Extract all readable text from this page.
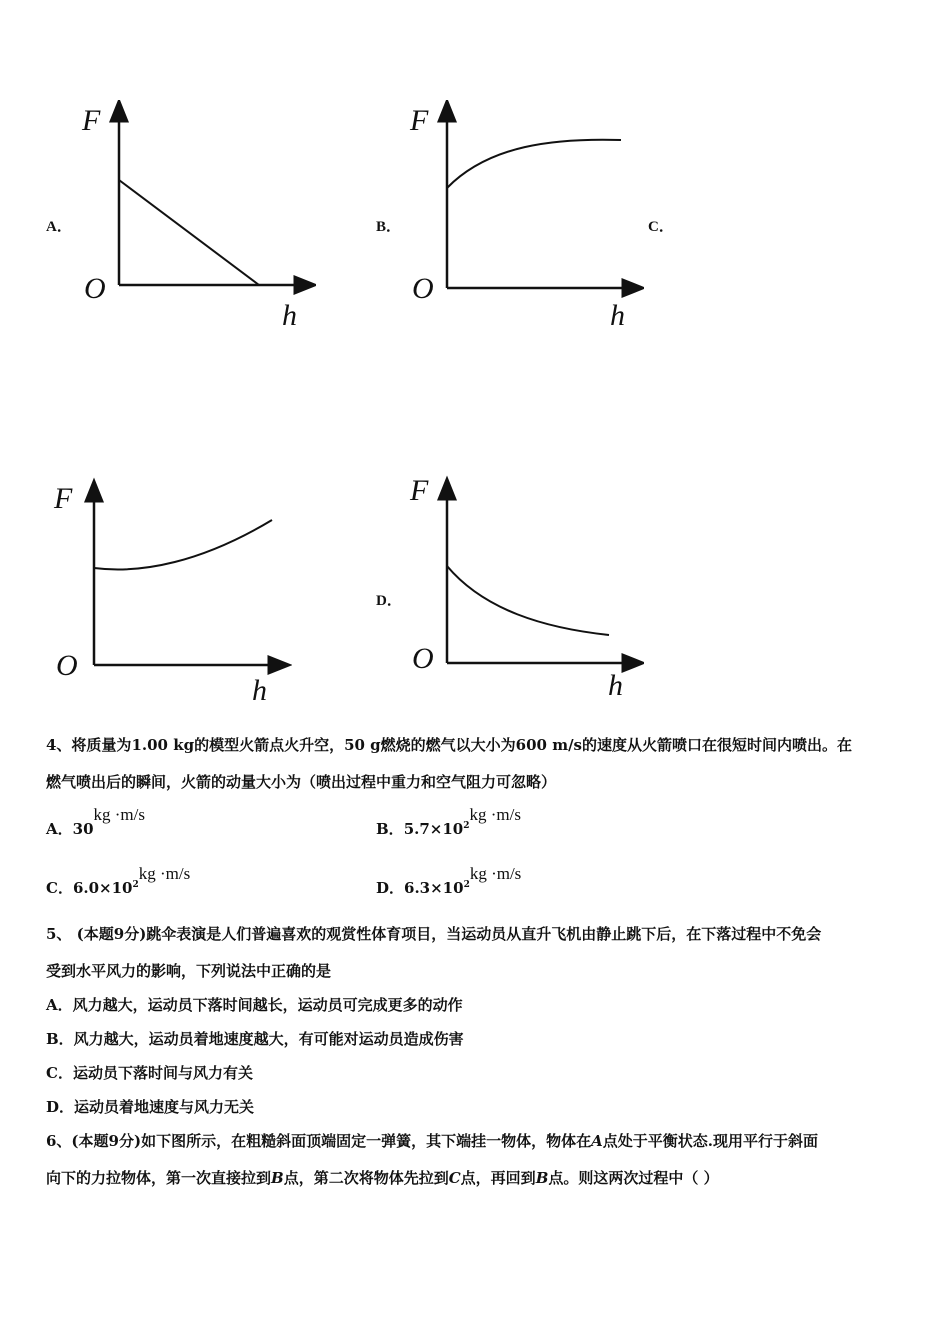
A．
F
O
h
B．
F
O
h
C．
F
O
h
D．
F
O
h
4、将质量为1.00 kg的模型火箭点火升空，50 g燃烧的燃气以大小为600 m/s的速度从火箭喷口在很短时间内喷出。在
燃气喷出后的瞬间，火箭的动量大小为（喷出过程中重力和空气阻力可忽略）
A．30kg ·m/s
B．$5.7\times 10^2kg \cdot m/s$
C．$6.0\times 10^2kg \cdot m/s$
D．$6.3\times 10^2kg \cdot m/s$
5、 (本题9分)跳伞表演是人们普遍喜欢的观赏性体育项目，当运动员从直升飞机由静止跳下后，在下落过程中不免会
受到水平风力的影响，下列说法中正确的是
A．风力越大，运动员下落时间越长，运动员可完成更多的动作
B．风力越大，运动员着地速度越大，有可能对运动员造成伤害
C．运动员下落时间与风力有关
D．运动员着地速度与风力无关
6、(本题9分)如下图所示，在粗糙斜面顶端固定一弹簧，其下端挂一物体，物体在A点处于平衡状态.现用平行于斜面
向下的力拉物体，第一次直接拉到B点，第二次将物体先拉到C点，再回到B点。则这两次过程中（ ）
